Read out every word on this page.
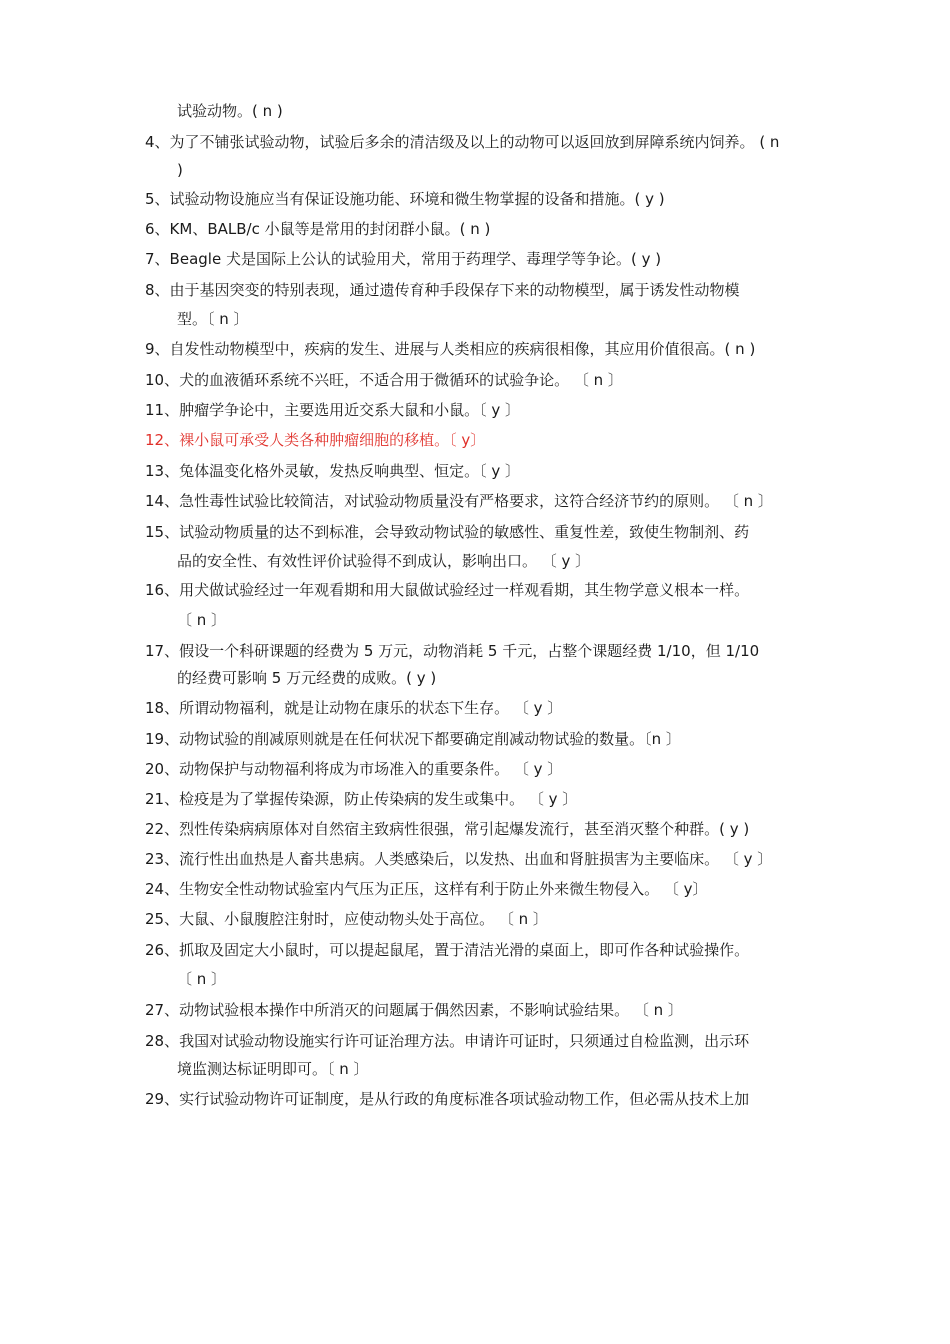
试验动物。( n )
4、为了不铺张试验动物，试验后多余的清洁级及以上的动物可以返回放到屏障系统内饲养。 ( n
)
5、试验动物设施应当有保证设施功能、环境和微生物掌握的设备和措施。( y )
6、KM、BALB/c 小鼠等是常用的封闭群小鼠。( n )
7、Beagle 犬是国际上公认的试验用犬，常用于药理学、毒理学等争论。( y )
8、由于基因突变的特别表现，通过遗传育种手段保存下来的动物模型，属于诱发性动物模
型。〔 n 〕
9、自发性动物模型中，疾病的发生、进展与人类相应的疾病很相像，其应用价值很高。( n )
10、犬的血液循环系统不兴旺，不适合用于微循环的试验争论。 〔 n 〕
11、肿瘤学争论中，主要选用近交系大鼠和小鼠。〔 y 〕
12、裸小鼠可承受人类各种肿瘤细胞的移植。〔 y〕
13、兔体温变化格外灵敏，发热反响典型、恒定。〔 y 〕
14、急性毒性试验比较简洁，对试验动物质量没有严格要求，这符合经济节约的原则。 〔 n 〕
15、试验动物质量的达不到标准，会导致动物试验的敏感性、重复性差，致使生物制剂、药
品的安全性、有效性评价试验得不到成认，影响出口。 〔 y 〕
16、用犬做试验经过一年观看期和用大鼠做试验经过一样观看期，其生物学意义根本一样。
〔 n 〕
17、假设一个科研课题的经费为 5 万元，动物消耗 5 千元，占整个课题经费 1/10，但 1/10
的经费可影响 5 万元经费的成败。( y )
18、所谓动物福利，就是让动物在康乐的状态下生存。 〔 y 〕
19、动物试验的削减原则就是在任何状况下都要确定削减动物试验的数量。〔n 〕
20、动物保护与动物福利将成为市场准入的重要条件。 〔 y 〕
21、检疫是为了掌握传染源，防止传染病的发生或集中。 〔 y 〕
22、烈性传染病病原体对自然宿主致病性很强，常引起爆发流行，甚至消灭整个种群。( y )
23、流行性出血热是人畜共患病。人类感染后，以发热、出血和肾脏损害为主要临床。 〔 y 〕
24、生物安全性动物试验室内气压为正压，这样有利于防止外来微生物侵入。 〔 y〕
25、大鼠、小鼠腹腔注射时，应使动物头处于高位。 〔 n 〕
26、抓取及固定大小鼠时，可以提起鼠尾，置于清洁光滑的桌面上，即可作各种试验操作。
〔 n 〕
27、动物试验根本操作中所消灭的问题属于偶然因素，不影响试验结果。 〔 n 〕
28、我国对试验动物设施实行许可证治理方法。申请许可证时，只须通过自检监测，出示环
境监测达标证明即可。〔 n 〕
29、实行试验动物许可证制度，是从行政的角度标准各项试验动物工作，但必需从技术上加
